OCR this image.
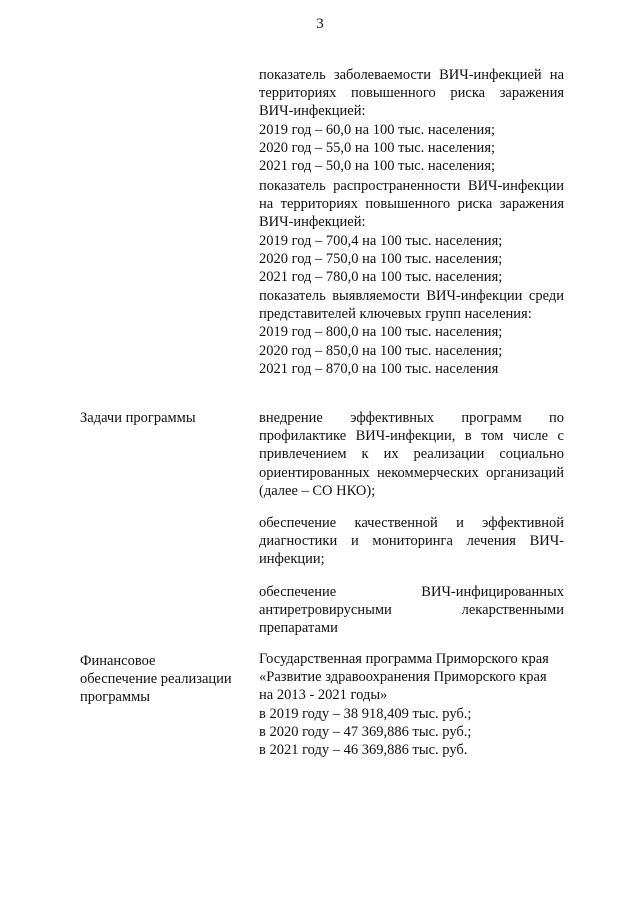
3
показатель заболеваемости ВИЧ-инфекцией на территориях повышенного риска заражения ВИЧ-инфекцией:
2019 год – 60,0 на 100 тыс. населения;
2020 год – 55,0 на 100 тыс. населения;
2021 год – 50,0 на 100 тыс. населения;
показатель распространенности ВИЧ-инфекции на территориях повышенного риска заражения ВИЧ-инфекцией:
2019 год – 700,4 на 100 тыс. населения;
2020 год – 750,0 на 100 тыс. населения;
2021 год – 780,0 на 100 тыс. населения;
показатель выявляемости ВИЧ-инфекции среди представителей ключевых групп населения:
2019 год – 800,0 на 100 тыс. населения;
2020 год – 850,0 на 100 тыс. населения;
2021 год – 870,0 на 100 тыс. населения
Задачи программы	внедрение эффективных программ по профилактике ВИЧ-инфекции, в том числе с привлечением к их реализации социально ориентированных некоммерческих организаций (далее – СО НКО);
обеспечение качественной и эффективной диагностики и мониторинга лечения ВИЧ-инфекции;
обеспечение ВИЧ-инфицированных антиретровирусными лекарственными препаратами
Финансовое
обеспечение реализации
программы
Государственная программа Приморского края «Развитие здравоохранения Приморского края на 2013 - 2021 годы»
в 2019 году – 38 918,409 тыс. руб.;
в 2020 году – 47 369,886 тыс. руб.;
в 2021 году – 46 369,886 тыс. руб.
